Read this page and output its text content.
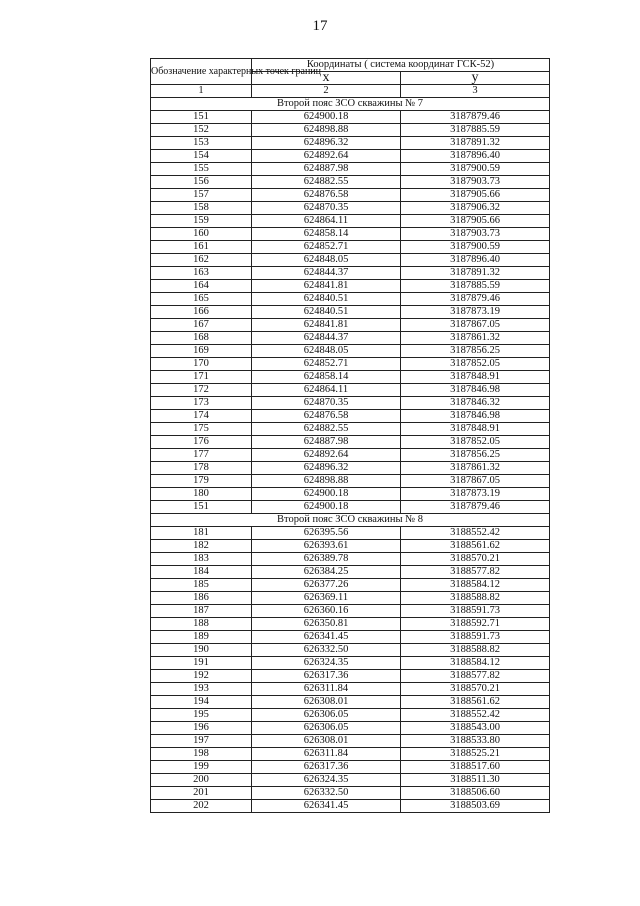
17
Обозначение характерных точек границ	Координаты ( система координат ГСК-52)	
	x	у
1	2	3
Второй пояс ЗСО скважины № 7		
151	624900.18	3187879.46
152	624898.88	3187885.59
153	624896.32	3187891.32
154	624892.64	3187896.40
155	624887.98	3187900.59
156	624882.55	3187903.73
157	624876.58	3187905.66
158	624870.35	3187906.32
159	624864.11	3187905.66
160	624858.14	3187903.73
161	624852.71	3187900.59
162	624848.05	3187896.40
163	624844.37	3187891.32
164	624841.81	3187885.59
165	624840.51	3187879.46
166	624840.51	3187873.19
167	624841.81	3187867.05
168	624844.37	3187861.32
169	624848.05	3187856.25
170	624852.71	3187852.05
171	624858.14	3187848.91
172	624864.11	3187846.98
173	624870.35	3187846.32
174	624876.58	3187846.98
175	624882.55	3187848.91
176	624887.98	3187852.05
177	624892.64	3187856.25
178	624896.32	3187861.32
179	624898.88	3187867.05
180	624900.18	3187873.19
151	624900.18	3187879.46
Второй пояс ЗСО скважины № 8		
181	626395.56	3188552.42
182	626393.61	3188561.62
183	626389.78	3188570.21
184	626384.25	3188577.82
185	626377.26	3188584.12
186	626369.11	3188588.82
187	626360.16	3188591.73
188	626350.81	3188592.71
189	626341.45	3188591.73
190	626332.50	3188588.82
191	626324.35	3188584.12
192	626317.36	3188577.82
193	626311.84	3188570.21
194	626308.01	3188561.62
195	626306.05	3188552.42
196	626306.05	3188543.00
197	626308.01	3188533.80
198	626311.84	3188525.21
199	626317.36	3188517.60
200	626324.35	3188511.30
201	626332.50	3188506.60
202	626341.45	3188503.69
